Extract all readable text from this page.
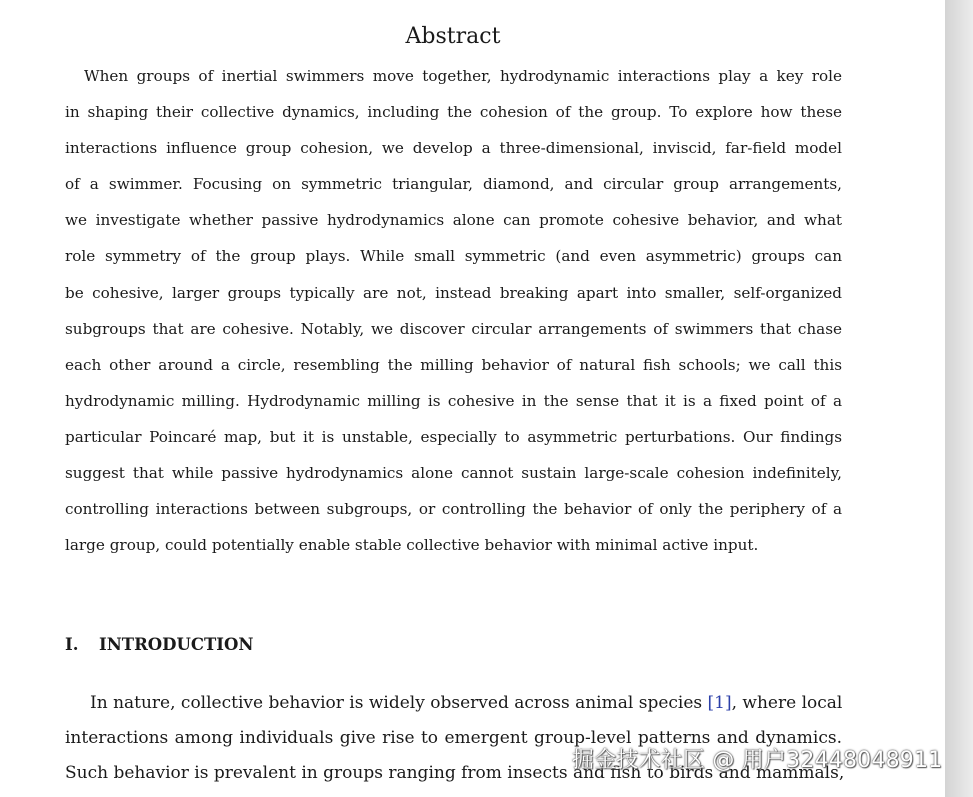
Abstract
When groups of inertial swimmers move together, hydrodynamic interactions play a key role
in shaping their collective dynamics, including the cohesion of the group. To explore how these
interactions influence group cohesion, we develop a three-dimensional, inviscid, far-field model
of a swimmer. Focusing on symmetric triangular, diamond, and circular group arrangements,
we investigate whether passive hydrodynamics alone can promote cohesive behavior, and what
role symmetry of the group plays. While small symmetric (and even asymmetric) groups can
be cohesive, larger groups typically are not, instead breaking apart into smaller, self-organized
subgroups that are cohesive. Notably, we discover circular arrangements of swimmers that chase
each other around a circle, resembling the milling behavior of natural fish schools; we call this
hydrodynamic milling. Hydrodynamic milling is cohesive in the sense that it is a fixed point of a
particular Poincaré map, but it is unstable, especially to asymmetric perturbations. Our findings
suggest that while passive hydrodynamics alone cannot sustain large-scale cohesion indefinitely,
controlling interactions between subgroups, or controlling the behavior of only the periphery of a
large group, could potentially enable stable collective behavior with minimal active input.
I. INTRODUCTION
In nature, collective behavior is widely observed across animal species [1], where local
interactions among individuals give rise to emergent group-level patterns and dynamics.
Such behavior is prevalent in groups ranging from insects and fish to birds and mammals,
掘金技术社区 @ 用户32448048911
